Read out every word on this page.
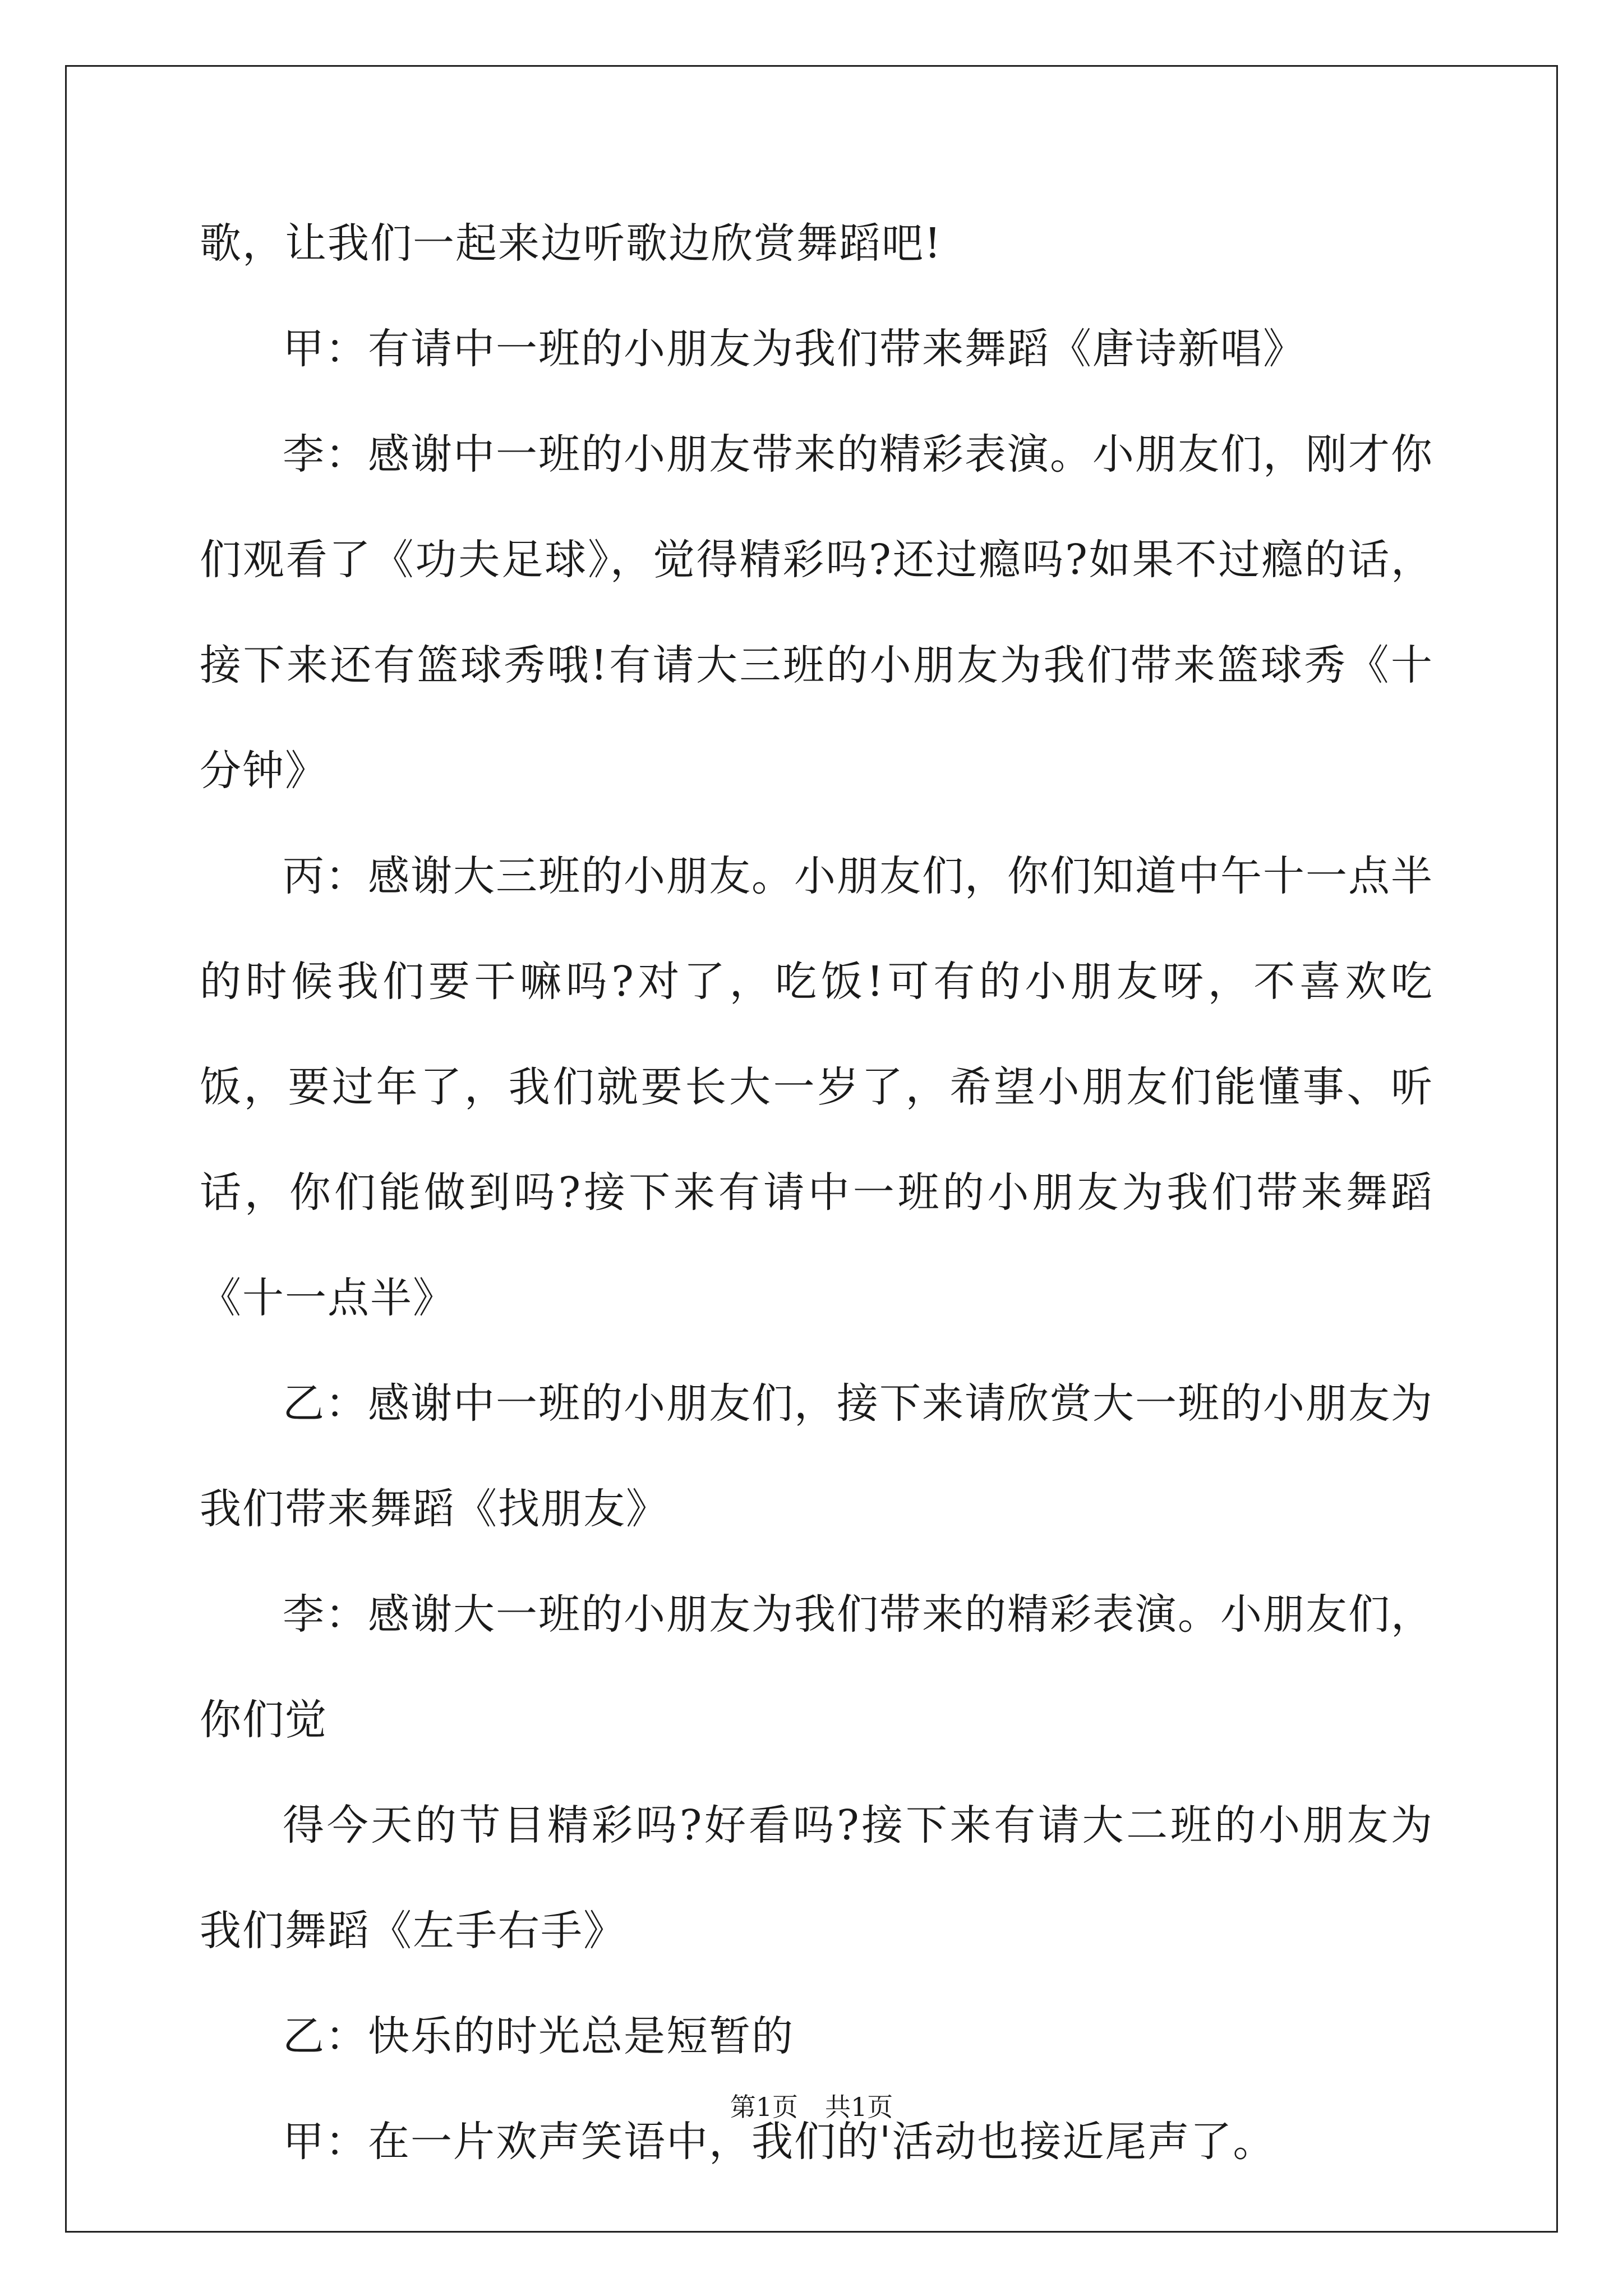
歌，让我们一起来边听歌边欣赏舞蹈吧!

甲：有请中一班的小朋友为我们带来舞蹈《唐诗新唱》

李：感谢中一班的小朋友带来的精彩表演。小朋友们，刚才你们观看了《功夫足球》，觉得精彩吗?还过瘾吗?如果不过瘾的话，接下来还有篮球秀哦!有请大三班的小朋友为我们带来篮球秀《十分钟》

丙：感谢大三班的小朋友。小朋友们，你们知道中午十一点半的时候我们要干嘛吗?对了，吃饭!可有的小朋友呀，不喜欢吃饭，要过年了，我们就要长大一岁了，希望小朋友们能懂事、听话，你们能做到吗?接下来有请中一班的小朋友为我们带来舞蹈《十一点半》

乙：感谢中一班的小朋友们，接下来请欣赏大一班的小朋友为我们带来舞蹈《找朋友》

李：感谢大一班的小朋友为我们带来的精彩表演。小朋友们，你们觉

得今天的节目精彩吗?好看吗?接下来有请大二班的小朋友为我们舞蹈《左手右手》

乙：快乐的时光总是短暂的

甲：在一片欢声笑语中，我们的'活动也接近尾声了。

第1页 共1页
